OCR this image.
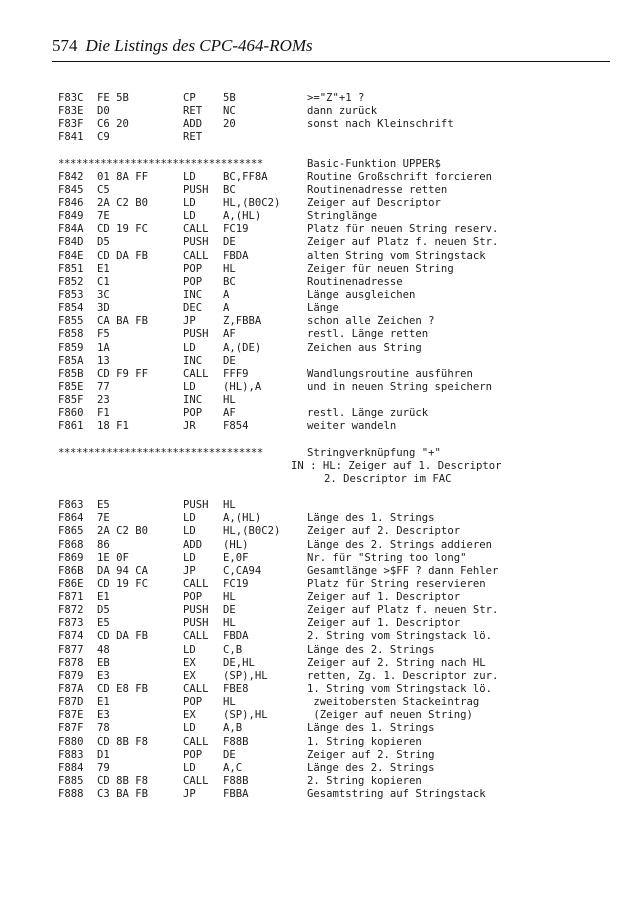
574 Die Listings des CPC-464-ROMs
F83C	FE 5B	CP	5B	>="Z"+1 ?
F83E	D0	RET	NC	dann zurück
F83F	C6 20	ADD	20	sonst nach Kleinschrift
F841	C9	RET
**********************************	Basic-Funktion UPPER$
F842	01 8A FF	LD	BC,FF8A	Routine Großschrift forcieren
F845	C5	PUSH	BC	Routinenadresse retten
F846	2A C2 B0	LD	HL,(B0C2)	Zeiger auf Descriptor
F849	7E	LD	A,(HL)	Stringlänge
F84A	CD 19 FC	CALL	FC19	Platz für neuen String reserv.
F84D	D5	PUSH	DE	Zeiger auf Platz f. neuen Str.
F84E	CD DA FB	CALL	FBDA	alten String vom Stringstack
F851	E1	POP	HL	Zeiger für neuen String
F852	C1	POP	BC	Routinenadresse
F853	3C	INC	A	Länge ausgleichen
F854	3D	DEC	A	Länge
F855	CA BA FB	JP	Z,FBBA	schon alle Zeichen ?
F858	F5	PUSH	AF	restl. Länge retten
F859	1A	LD	A,(DE)	Zeichen aus String
F85A	13	INC	DE
F85B	CD F9 FF	CALL	FFF9	Wandlungsroutine ausführen
F85E	77	LD	(HL),A	und in neuen String speichern
F85F	23	INC	HL
F860	F1	POP	AF	restl. Länge zurück
F861	18 F1	JR	F854	weiter wandeln
**********************************	Stringverknüpfung "+"
IN : HL: Zeiger auf 1. Descriptor
2. Descriptor im FAC
F863	E5	PUSH	HL
F864	7E	LD	A,(HL)	Länge des 1. Strings
F865	2A C2 B0	LD	HL,(B0C2)	Zeiger auf 2. Descriptor
F868	86	ADD	(HL)	Länge des 2. Strings addieren
F869	1E 0F	LD	E,0F	Nr. für "String too long"
F86B	DA 94 CA	JP	C,CA94	Gesamtlänge >$FF ? dann Fehler
F86E	CD 19 FC	CALL	FC19	Platz für String reservieren
F871	E1	POP	HL	Zeiger auf 1. Descriptor
F872	D5	PUSH	DE	Zeiger auf Platz f. neuen Str.
F873	E5	PUSH	HL	Zeiger auf 1. Descriptor
F874	CD DA FB	CALL	FBDA	2. String vom Stringstack lö.
F877	48	LD	C,B	Länge des 2. Strings
F878	EB	EX	DE,HL	Zeiger auf 2. String nach HL
F879	E3	EX	(SP),HL	retten, Zg. 1. Descriptor zur.
F87A	CD E8 FB	CALL	FBE8	1. String vom Stringstack lö.
F87D	E1	POP	HL	zweitobersten Stackeintrag
F87E	E3	EX	(SP),HL	(Zeiger auf neuen String)
F87F	78	LD	A,B	Länge des 1. Strings
F880	CD 8B F8	CALL	F88B	1. String kopieren
F883	D1	POP	DE	Zeiger auf 2. String
F884	79	LD	A,C	Länge des 2. Strings
F885	CD 8B F8	CALL	F88B	2. String kopieren
F888	C3 BA FB	JP	FBBA	Gesamtstring auf Stringstack
